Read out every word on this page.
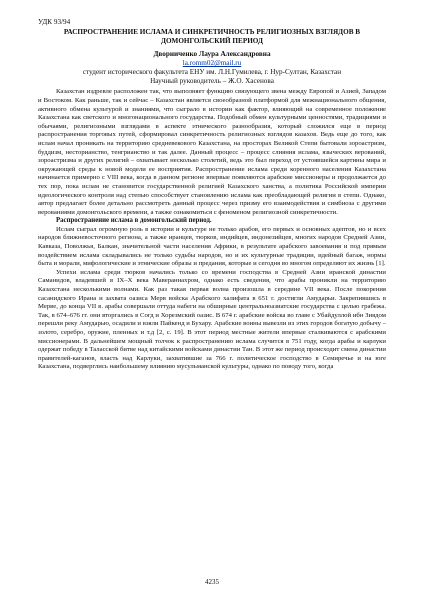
УДК 93/94
РАСПРОСТРАНЕНИЕ ИСЛАМА И СИНКРЕТИЧНОСТЬ РЕЛИГИОЗНЫХ ВЗГЛЯДОВ В ДОМОНГОЛЬСКИЙ ПЕРИОД
Дворниченко Лаура Александровна
la.romm02@mail.ru
студент исторического факультета ЕНУ им. Л.Н.Гумилева, г. Нур-Султан, Казахстан
Научный руководитель – Ж.О. Хасенова

Казахстан издревле расположен так, что выполняет функцию связующего звена между Европой и Азией, Западом и Востоком. Как раньше, так и сейчас – Казахстан является своеобразной платформой для межнационального общения, активного обмена культурой и знаниями, что сыграло в истории как фактор, влияющий на современное положение Казахстана как светского и многонационального государства. Подобный обмен культурными ценностями, традициями и обычаями, религиозными взглядами в аспекте этнического разнообразия, который сложился еще в период распространения торговых путей, сформировал синкретичность религиозных взглядов казахов. Ведь еще до того, как ислам начал проникать на территорию средневекового Казахстана, на просторах Великой Степи бытовали зороастризм, буддизм, несторианство, тенгрианство и так далее. Данный процесс – процесс слияния ислама, языческих верований, зороастризма и других религий – охватывает несколько столетий, ведь это был переход от устоявшейся картины мира и окружающей среды к новой модели ее восприятия. Распространение ислама среди коренного населения Казахстана начинается примерно с VIII века, когда в данном регионе впервые появляются арабские миссионеры и продолжается до тех пор, пока ислам не становится государственной религией Казахского ханства, а политика Российской империи идеологического контроля над степью способствует становлению ислама как преобладающей религии в степи. Однако, автор предлагает более детально рассмотреть данный процесс через призму его взаимодействия и симбиоза с другими верованиями домонгольского времени, а также ознакомиться с феноменом религиозной синкретичности.

Распространение ислама в домонгольский период.

Ислам сыграл огромную роль в истории и культуре не только арабов, его первых и основных адептов, но и всех народов ближневосточного региона, а также иранцев, тюрков, индийцев, индонезийцев, многих народов Средней Азии, Кавказа, Поволжья, Балкан, значительной части населения Африки, в результате арабского завоевания и под прямым воздействием ислама складывались не только судьбы народов, но и их культурные традиции, идейный багаж, нормы быта и морали, мифологические и этнические образы и предания, которые и сегодня во многом определяют их жизнь [1].

Успехи ислама среди тюрков начались только со времени господства в Средней Азии иранской династии Саманидов, владевшей в IX–X века Мавераннахром, однако есть сведения, что арабы проникли на территорию Казахстана несколькими волнами. Как раз такая первая волна произошла в середине VII века. После покорения сасанидского Ирана и захвата оазиса Мерв войска Арабского халифата в 651 г. достигли Амударьи. Закрепившись в Мерве, до конца VII в. арабы совершали оттуда набеги на обширные центральноазиатские государства с целью грабежа. Так, в 674–676 гг. они вторгались в Согд и Хорезмский оазис. В 674 г. арабские войска во главе с Убайдуллой ибн Зиядом перешли реку Амударью, осадили и взяли Пайкенд и Бухару. Арабские воины вывезли из этих городов богатую добычу – золото, серебро, оружие, пленных и т.д [2, с. 19]. В этот период местные жители впервые сталкиваются с арабскими миссионерами. В дальнейшем мощный толчок к распространению ислама случится в 751 году, когда арабы и карлуки одержат победу в Таласской битве над китайскими войсками династии Тан. В этот же период происходит смена династии правителей-каганов, власть над Карлуки, захватившие за 766 г. политическое господство в Семиречье и на юге Казахстана, подверглись наибольшему влиянию мусульманской культуры, однако по поводу того, когда

4235
